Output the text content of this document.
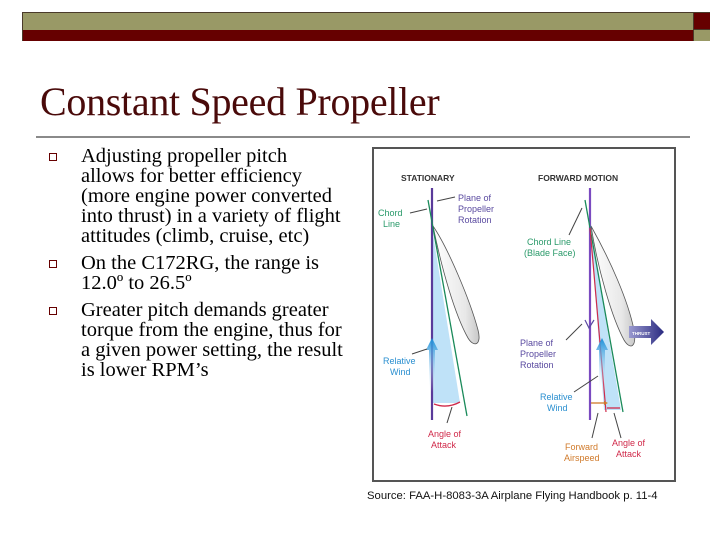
Constant Speed Propeller
Adjusting propeller pitch allows for better efficiency (more engine power converted into thrust) in a variety of flight attitudes (climb, cruise, etc)
On the C172RG, the range is 12.0º to 26.5º
Greater pitch demands greater torque from the engine, thus for a given power setting, the result is lower RPM’s
STATIONARY
Chord Line
Plane of Propeller Rotation
Relative Wind
Angle of Attack
FORWARD MOTION
THRUST
Chord Line (Blade Face)
Plane of Propeller Rotation
Relative Wind
Forward Airspeed
Angle of Attack
Source: FAA-H-8083-3A Airplane Flying Handbook p. 11-4
